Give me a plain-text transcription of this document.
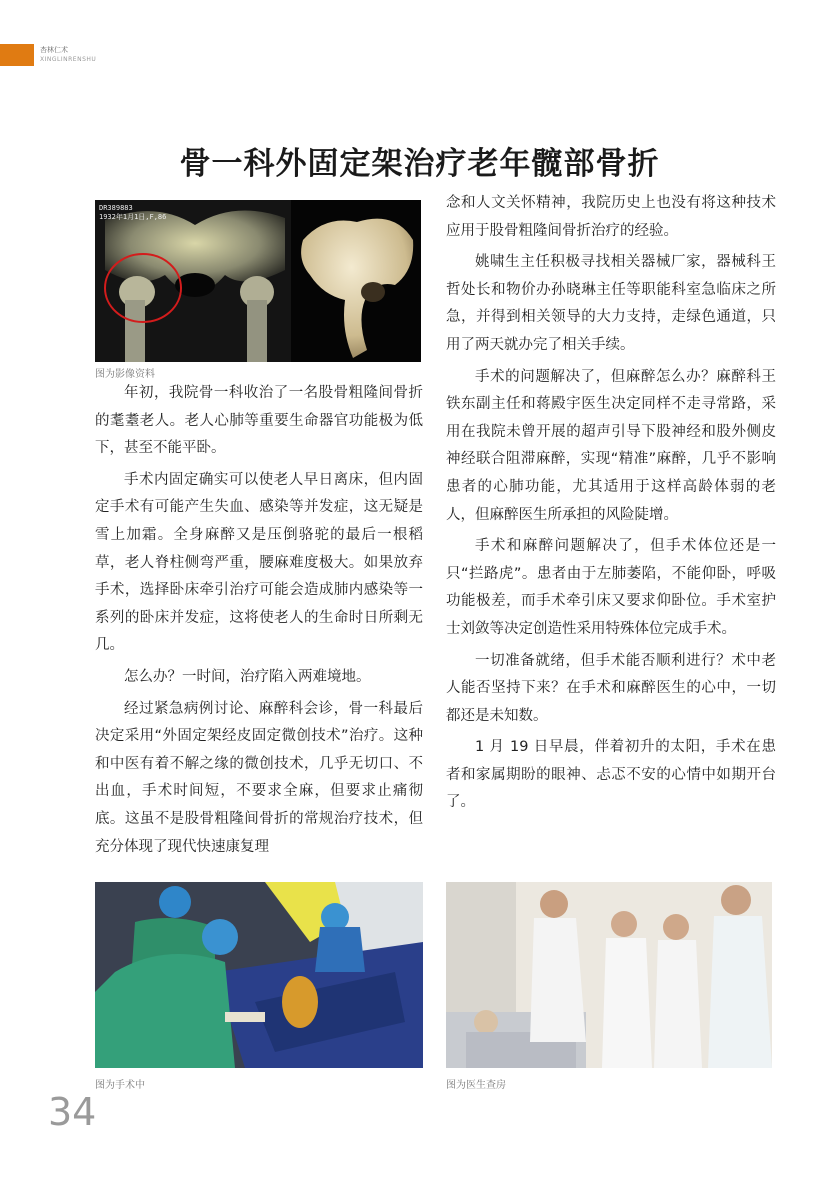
杏林仁术
XINGLINRENSHU
骨一科外固定架治疗老年髋部骨折
DR389883
1932年1月1日,F,86
图为影像资料

年初，我院骨一科收治了一名股骨粗隆间骨折的耄耋老人。老人心肺等重要生命器官功能极为低下，甚至不能平卧。

手术内固定确实可以使老人早日离床，但内固定手术有可能产生失血、感染等并发症，这无疑是雪上加霜。全身麻醉又是压倒骆驼的最后一根稻草，老人脊柱侧弯严重，腰麻难度极大。如果放弃手术，选择卧床牵引治疗可能会造成肺内感染等一系列的卧床并发症，这将使老人的生命时日所剩无几。

怎么办？一时间，治疗陷入两难境地。

经过紧急病例讨论、麻醉科会诊，骨一科最后决定采用“外固定架经皮固定微创技术”治疗。这种和中医有着不解之缘的微创技术，几乎无切口、不出血，手术时间短，不要求全麻，但要求止痛彻底。这虽不是股骨粗隆间骨折的常规治疗技术，但充分体现了现代快速康复理

念和人文关怀精神，我院历史上也没有将这种技术应用于股骨粗隆间骨折治疗的经验。

姚啸生主任积极寻找相关器械厂家，器械科王哲处长和物价办孙晓琳主任等职能科室急临床之所急，并得到相关领导的大力支持，走绿色通道，只用了两天就办完了相关手续。

手术的问题解决了，但麻醉怎么办？麻醉科王铁东副主任和蒋殿宇医生决定同样不走寻常路，采用在我院未曾开展的超声引导下股神经和股外侧皮神经联合阻滞麻醉，实现“精准”麻醉，几乎不影响患者的心肺功能，尤其适用于这样高龄体弱的老人，但麻醉医生所承担的风险陡增。

手术和麻醉问题解决了，但手术体位还是一只“拦路虎”。患者由于左肺萎陷，不能仰卧，呼吸功能极差，而手术牵引床又要求仰卧位。手术室护士刘敛等决定创造性采用特殊体位完成手术。

一切准备就绪，但手术能否顺利进行？术中老人能否坚持下来？在手术和麻醉医生的心中，一切都还是未知数。

1 月 19 日早晨，伴着初升的太阳，手术在患者和家属期盼的眼神、忐忑不安的心情中如期开台了。

图为手术中	图为医生查房
34
